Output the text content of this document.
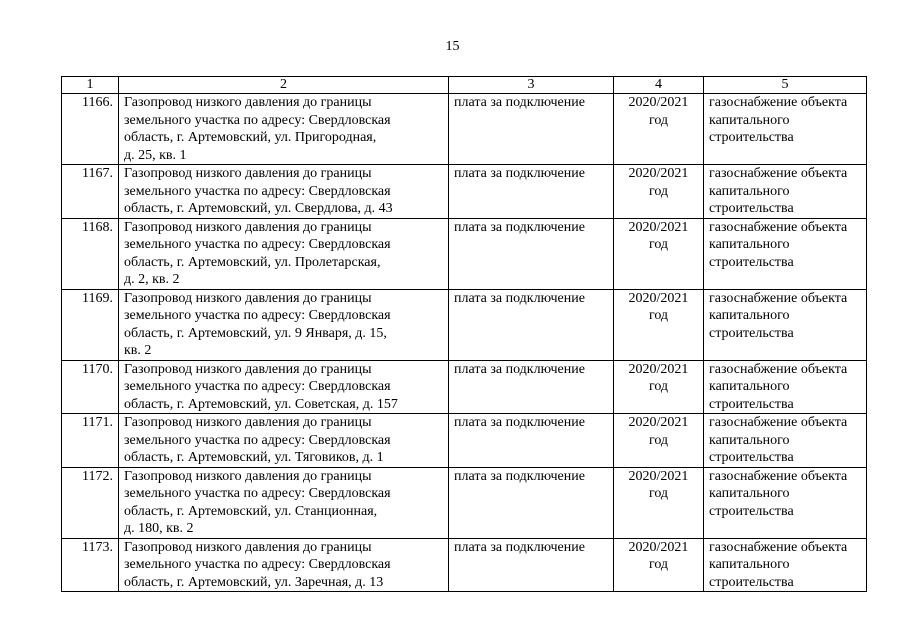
15
1	2	3	4	5
1166.	Газопровод низкого давления до границы
земельного участка по адресу: Свердловская
область, г. Артемовский, ул. Пригородная,
д. 25, кв. 1	плата за подключение	2020/2021
год	газоснабжение объекта
капитального
строительства
1167.	Газопровод низкого давления до границы
земельного участка по адресу: Свердловская
область, г. Артемовский, ул. Свердлова, д. 43	плата за подключение	2020/2021
год	газоснабжение объекта
капитального
строительства
1168.	Газопровод низкого давления до границы
земельного участка по адресу: Свердловская
область, г. Артемовский, ул. Пролетарская,
д. 2, кв. 2	плата за подключение	2020/2021
год	газоснабжение объекта
капитального
строительства
1169.	Газопровод низкого давления до границы
земельного участка по адресу: Свердловская
область, г. Артемовский, ул. 9 Января, д. 15,
кв. 2	плата за подключение	2020/2021
год	газоснабжение объекта
капитального
строительства
1170.	Газопровод низкого давления до границы
земельного участка по адресу: Свердловская
область, г. Артемовский, ул. Советская, д. 157	плата за подключение	2020/2021
год	газоснабжение объекта
капитального
строительства
1171.	Газопровод низкого давления до границы
земельного участка по адресу: Свердловская
область, г. Артемовский, ул. Тяговиков, д. 1	плата за подключение	2020/2021
год	газоснабжение объекта
капитального
строительства
1172.	Газопровод низкого давления до границы
земельного участка по адресу: Свердловская
область, г. Артемовский, ул. Станционная,
д. 180, кв. 2	плата за подключение	2020/2021
год	газоснабжение объекта
капитального
строительства
1173.	Газопровод низкого давления до границы
земельного участка по адресу: Свердловская
область, г. Артемовский, ул. Заречная, д. 13	плата за подключение	2020/2021
год	газоснабжение объекта
капитального
строительства
